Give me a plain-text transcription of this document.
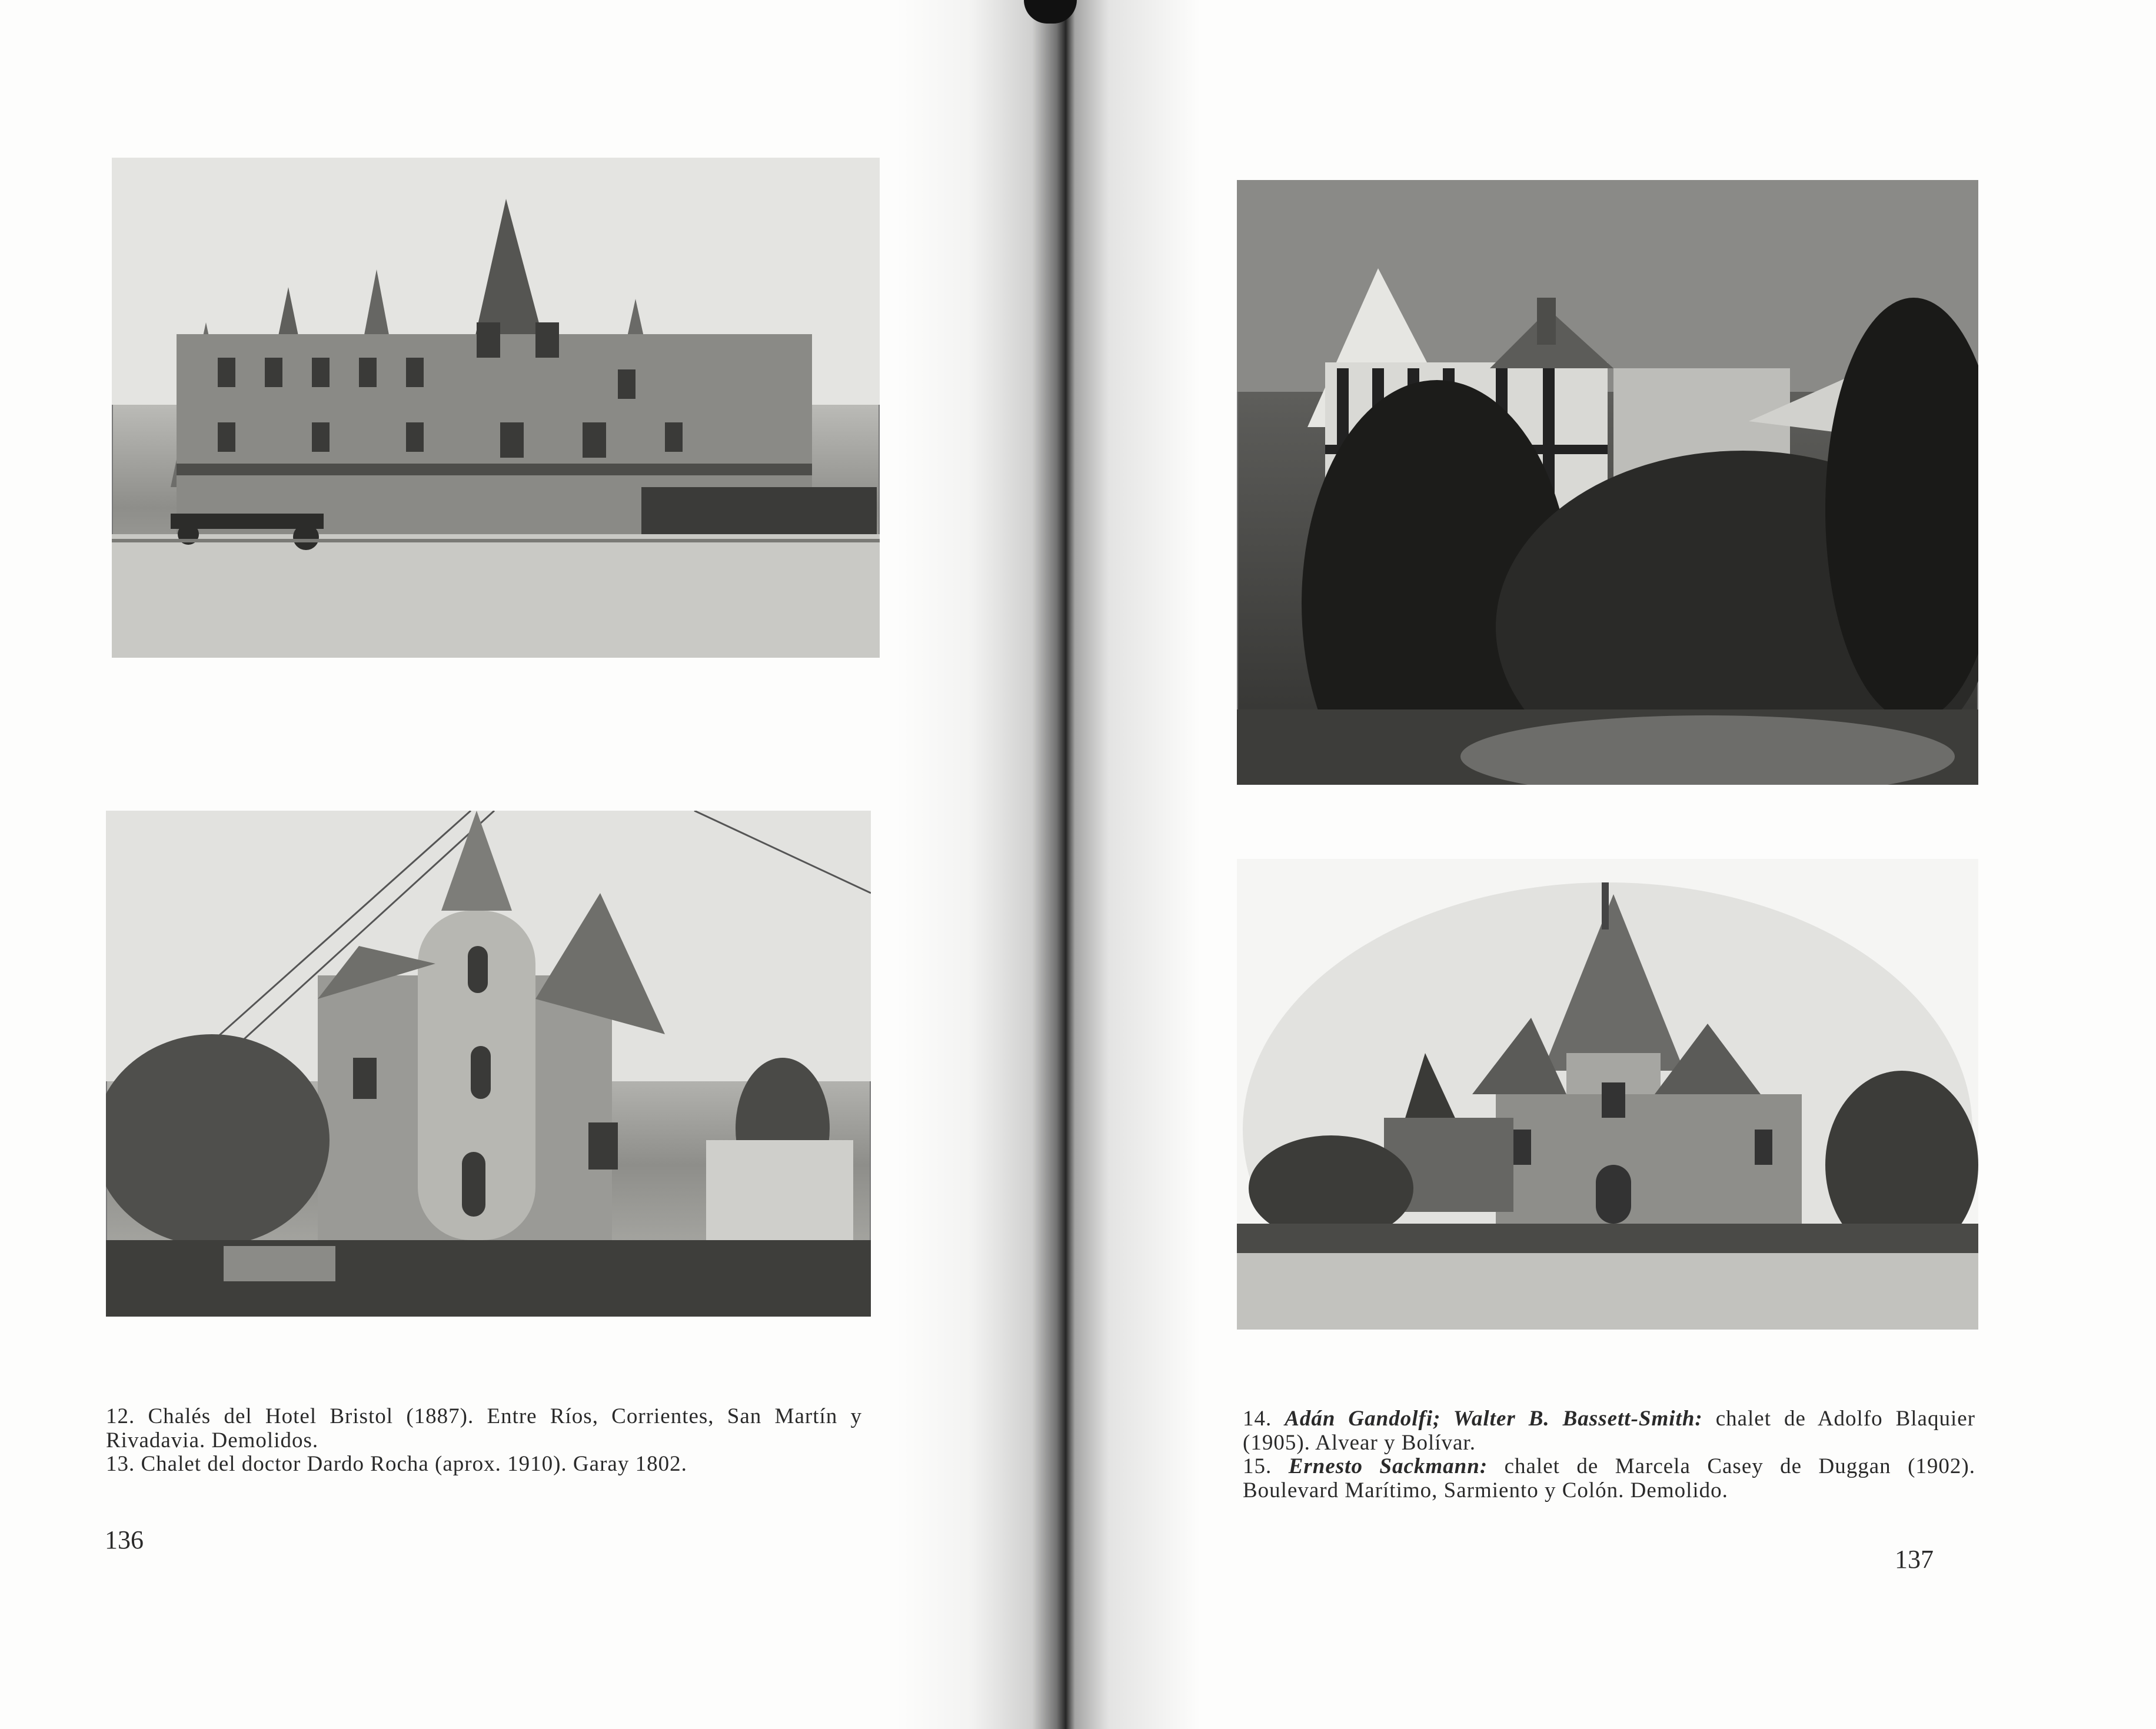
12. Chalés del Hotel Bristol (1887). Entre Ríos, Corrientes, San Martín y Rivadavia. Demolidos.

13. Chalet del doctor Dardo Rocha (aprox. 1910). Garay 1802.

136

14. Adán Gandolfi; Walter B. Bassett-Smith: chalet de Adolfo Blaquier (1905). Alvear y Bolívar.

15. Ernesto Sackmann: chalet de Marcela Casey de Duggan (1902). Boulevard Marítimo, Sarmiento y Colón. Demolido.

137
